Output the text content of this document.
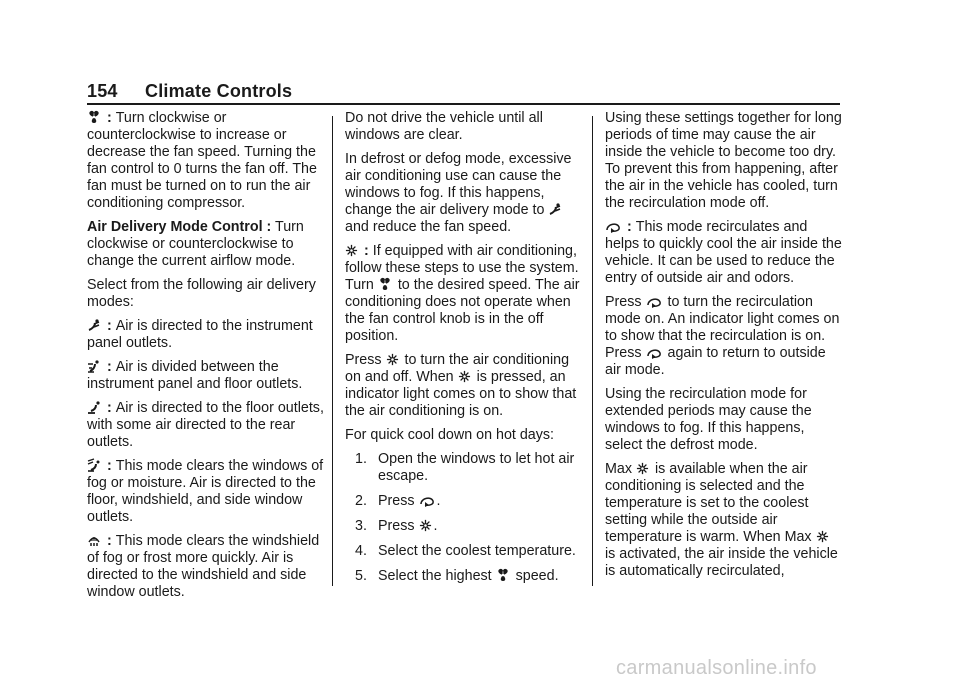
154 Climate Controls

: Turn clockwise or counterclockwise to increase or decrease the fan speed. Turning the fan control to 0 turns the fan off. The fan must be turned on to run the air conditioning compressor.

Air Delivery Mode Control : Turn clockwise or counterclockwise to change the current airflow mode.

Select from the following air delivery modes:

: Air is directed to the instrument panel outlets.

: Air is divided between the instrument panel and floor outlets.

: Air is directed to the floor outlets, with some air directed to the rear outlets.

: This mode clears the windows of fog or moisture. Air is directed to the floor, windshield, and side window outlets.

: This mode clears the windshield of fog or frost more quickly. Air is directed to the windshield and side window outlets.

Do not drive the vehicle until all windows are clear.

In defrost or defog mode, excessive air conditioning use can cause the windows to fog. If this happens, change the air delivery mode to
and reduce the fan speed.

: If equipped with air conditioning, follow these steps to use the system. Turn
to the desired speed. The air conditioning does not operate when the fan control knob is in the off position.

Press
to turn the air conditioning on and off. When
is pressed, an indicator light comes on to show that the air conditioning is on.

For quick cool down on hot days:

1. Open the windows to let hot air escape.
2. Press
.
3. Press
.
4. Select the coolest temperature.
5. Select the highest
speed.

Using these settings together for long periods of time may cause the air inside the vehicle to become too dry. To prevent this from happening, after the air in the vehicle has cooled, turn the recirculation mode off.

: This mode recirculates and helps to quickly cool the air inside the vehicle. It can be used to reduce the entry of outside air and odors.

Press
to turn the recirculation mode on. An indicator light comes on to show that the recirculation is on. Press
again to return to outside air mode.

Using the recirculation mode for extended periods may cause the windows to fog. If this happens, select the defrost mode.

Max
is available when the air conditioning is selected and the temperature is set to the coolest setting while the outside air temperature is warm. When Max
is activated, the air inside the vehicle is automatically recirculated,

carmanualsonline.info
